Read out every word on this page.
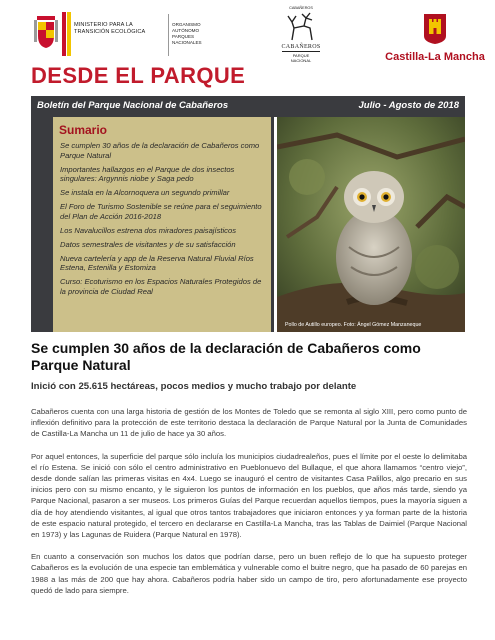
MINISTERIO PARA LA TRANSICIÓN ECOLÓGICA
ORGANISMO AUTÓNOMO PARQUES NACIONALES
CABAÑEROS
CABAÑEROS
PARQUE NACIONAL	Castilla-La Mancha
DESDE EL PARQUE
Boletín del Parque Nacional de Cabañeros	Julio - Agosto de 2018
Sumario
Se cumplen 30 años de la declaración de Cabañeros como Parque Natural
Importantes hallazgos en el Parque de dos insectos singulares: Argynnis niobe y Saga pedo
Se instala en la Alcornoquera un segundo primillar
El Foro de Turismo Sostenible se reúne para el seguimiento del Plan de Acción 2016-2018
Los Navalucillos estrena dos miradores paisajísticos
Datos semestrales de visitantes y de su satisfacción
Nueva cartelería y app de la Reserva Natural Fluvial Ríos Estena, Estenilla y Estomiza
Curso: Ecoturismo en los Espacios Naturales Protegidos de la provincia de Ciudad Real
Pollo de Autillo europeo. Foto: Ángel Gómez Manzaneque
Se cumplen 30 años de la declaración de Cabañeros como Parque Natural
Inició con 25.615 hectáreas, pocos medios y mucho trabajo por delante

Cabañeros cuenta con una larga historia de gestión de los Montes de Toledo que se remonta al siglo XIII, pero como punto de inflexión definitivo para la protección de este territorio destaca la declaración de Parque Natural por la Junta de Comunidades de Castilla-La Mancha un 11 de julio de hace ya 30 años.

Por aquel entonces, la superficie del parque sólo incluía los municipios ciudadrealeños, pues el límite por el oeste lo delimitaba el río Estena. Se inició con sólo el centro administrativo en Pueblonuevo del Bullaque, el que ahora llamamos “centro viejo”, desde donde salían las primeras visitas en 4x4. Luego se inauguró el centro de visitantes Casa Palillos, algo precario en sus inicios pero con su mismo encanto, y le siguieron los puntos de información en los pueblos, que años más tarde, siendo ya Parque Nacional, pasaron a ser museos. Los primeros Guías del Parque recuerdan aquellos tiempos, pues la mayoría siguen a día de hoy atendiendo visitantes, al igual que otros tantos trabajadores que iniciaron entonces y ya forman parte de la historia de este espacio natural protegido, el tercero en declararse en Castilla-La Mancha, tras las Tablas de Daimiel (Parque Nacional en 1973) y las Lagunas de Ruidera (Parque Natural en 1978).

En cuanto a conservación son muchos los datos que podrían darse, pero un buen reflejo de lo que ha supuesto proteger Cabañeros es la evolución de una especie tan emblemática y vulnerable como el buitre negro, que ha pasado de 60 parejas en 1988 a las más de 200 que hay ahora. Cabañeros podría haber sido un campo de tiro, pero afortunadamente ese proyecto quedó de lado para siempre.
